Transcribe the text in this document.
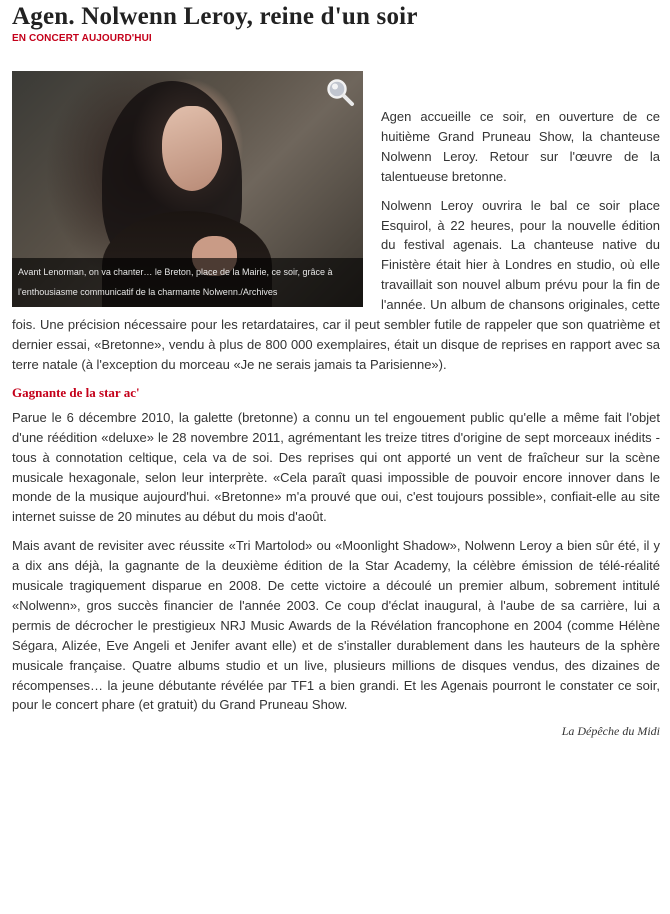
Agen. Nolwenn Leroy, reine d'un soir
EN CONCERT AUJOURD'HUI
Avant Lenorman, on va chanter… le Breton, place de la Mairie, ce soir, grâce à l'enthousiasme communicatif de la charmante Nolwenn./Archives

Agen accueille ce soir, en ouverture de ce huitième Grand Pruneau Show, la chanteuse Nolwenn Leroy. Retour sur l'œuvre de la talentueuse bretonne.

Nolwenn Leroy ouvrira le bal ce soir place Esquirol, à 22 heures, pour la nouvelle édition du festival agenais. La chanteuse native du Finistère était hier à Londres en studio, où elle travaillait son nouvel album prévu pour la fin de l'année. Un album de chansons originales, cette fois. Une précision nécessaire pour les retardataires, car il peut sembler futile de rappeler que son quatrième et dernier essai, «Bretonne», vendu à plus de 800 000 exemplaires, était un disque de reprises en rapport avec sa terre natale (à l'exception du morceau «Je ne serais jamais ta Parisienne»).

Gagnante de la star ac'

Parue le 6 décembre 2010, la galette (bretonne) a connu un tel engouement public qu'elle a même fait l'objet d'une réédition «deluxe» le 28 novembre 2011, agrémentant les treize titres d'origine de sept morceaux inédits - tous à connotation celtique, cela va de soi. Des reprises qui ont apporté un vent de fraîcheur sur la scène musicale hexagonale, selon leur interprète. «Cela paraît quasi impossible de pouvoir encore innover dans le monde de la musique aujourd'hui. «Bretonne» m'a prouvé que oui, c'est toujours possible», confiait-elle au site internet suisse de 20 minutes au début du mois d'août.

Mais avant de revisiter avec réussite «Tri Martolod» ou «Moonlight Shadow», Nolwenn Leroy a bien sûr été, il y a dix ans déjà, la gagnante de la deuxième édition de la Star Academy, la célèbre émission de télé-réalité musicale tragiquement disparue en 2008. De cette victoire a découlé un premier album, sobrement intitulé «Nolwenn», gros succès financier de l'année 2003. Ce coup d'éclat inaugural, à l'aube de sa carrière, lui a permis de décrocher le prestigieux NRJ Music Awards de la Révélation francophone en 2004 (comme Hélène Ségara, Alizée, Eve Angeli et Jenifer avant elle) et de s'installer durablement dans les hauteurs de la sphère musicale française. Quatre albums studio et un live, plusieurs millions de disques vendus, des dizaines de récompenses… la jeune débutante révélée par TF1 a bien grandi. Et les Agenais pourront le constater ce soir, pour le concert phare (et gratuit) du Grand Pruneau Show.

La Dépêche du Midi
